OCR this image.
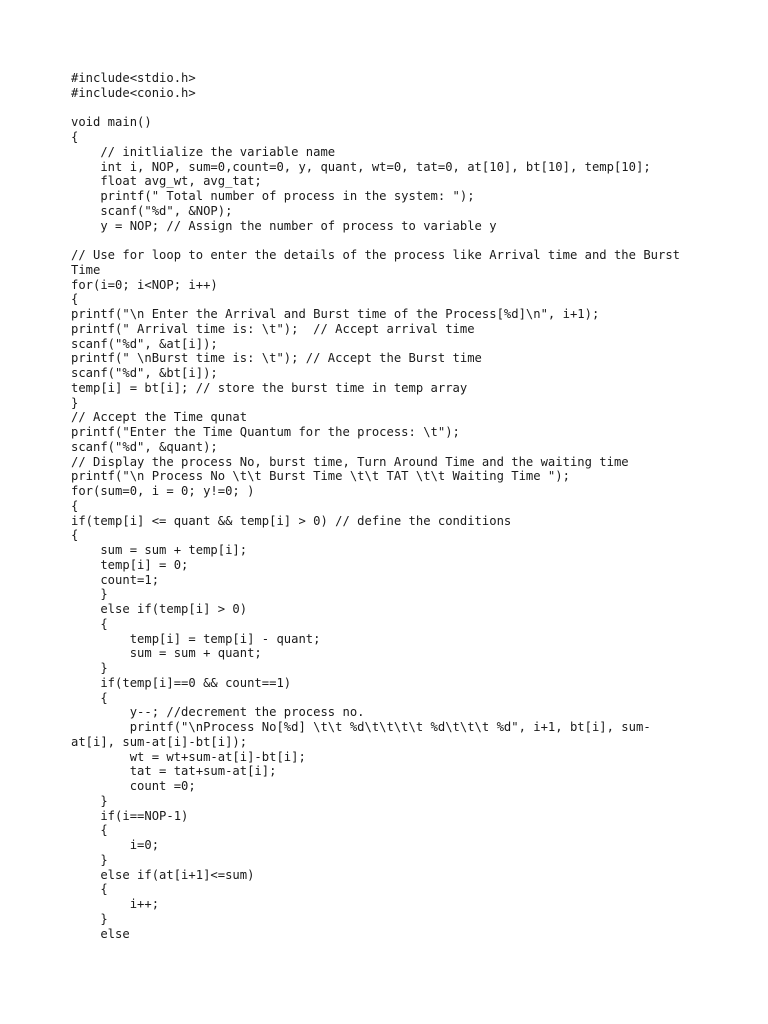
#include<stdio.h>
#include<conio.h>
void main()
{
// initlialize the variable name
int i, NOP, sum=0,count=0, y, quant, wt=0, tat=0, at[10], bt[10], temp[10];
float avg_wt, avg_tat;
printf(" Total number of process in the system: ");
scanf("%d", &NOP);
y = NOP; // Assign the number of process to variable y
// Use for loop to enter the details of the process like Arrival time and the Burst
Time
for(i=0; i<NOP; i++)
{
printf("\n Enter the Arrival and Burst time of the Process[%d]\n", i+1);
printf(" Arrival time is: \t");  // Accept arrival time
scanf("%d", &at[i]);
printf(" \nBurst time is: \t"); // Accept the Burst time
scanf("%d", &bt[i]);
temp[i] = bt[i]; // store the burst time in temp array
}
// Accept the Time qunat
printf("Enter the Time Quantum for the process: \t");
scanf("%d", &quant);
// Display the process No, burst time, Turn Around Time and the waiting time
printf("\n Process No \t\t Burst Time \t\t TAT \t\t Waiting Time ");
for(sum=0, i = 0; y!=0; )
{
if(temp[i] <= quant && temp[i] > 0) // define the conditions
{
sum = sum + temp[i];
temp[i] = 0;
count=1;
}
else if(temp[i] > 0)
{
temp[i] = temp[i] - quant;
sum = sum + quant;
}
if(temp[i]==0 && count==1)
{
y--; //decrement the process no.
printf("\nProcess No[%d] \t\t %d\t\t\t\t %d\t\t\t %d", i+1, bt[i], sum-
at[i], sum-at[i]-bt[i]);
wt = wt+sum-at[i]-bt[i];
tat = tat+sum-at[i];
count =0;
}
if(i==NOP-1)
{
i=0;
}
else if(at[i+1]<=sum)
{
i++;
}
else
